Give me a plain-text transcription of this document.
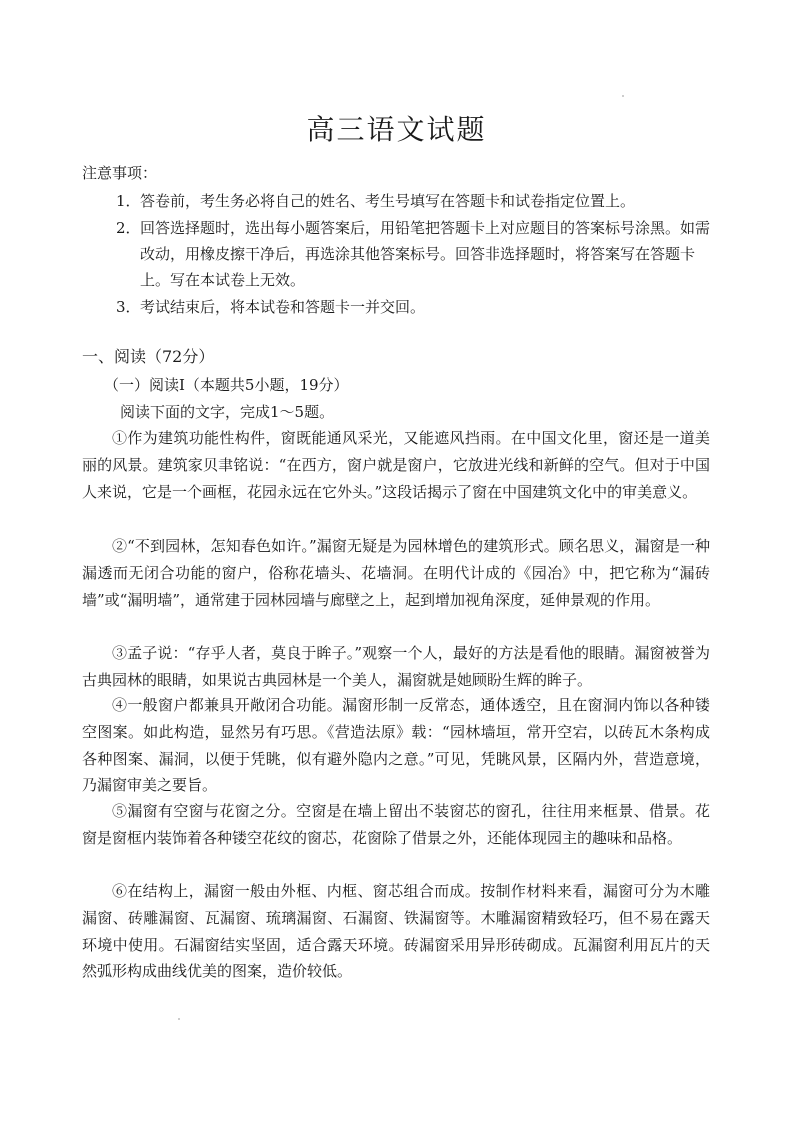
高三语文试题
注意事项：
1．答卷前，考生务必将自己的姓名、考生号填写在答题卡和试卷指定位置上。
2．回答选择题时，选出每小题答案后，用铅笔把答题卡上对应题目的答案标号涂黑。如需改动，用橡皮擦干净后，再选涂其他答案标号。回答非选择题时，将答案写在答题卡上。写在本试卷上无效。
3．考试结束后，将本试卷和答题卡一并交回。
一、阅读（72分）
（一）阅读Ⅰ（本题共5小题，19分）
阅读下面的文字，完成1～5题。
①作为建筑功能性构件，窗既能通风采光，又能遮风挡雨。在中国文化里，窗还是一道美丽的风景。建筑家贝聿铭说：“在西方，窗户就是窗户，它放进光线和新鲜的空气。但对于中国人来说，它是一个画框，花园永远在它外头。”这段话揭示了窗在中国建筑文化中的审美意义。
②“不到园林，怎知春色如许。”漏窗无疑是为园林增色的建筑形式。顾名思义，漏窗是一种漏透而无闭合功能的窗户，俗称花墙头、花墙洞。在明代计成的《园冶》中，把它称为“漏砖墙”或“漏明墙”，通常建于园林园墙与廊壁之上，起到增加视角深度，延伸景观的作用。
③孟子说：“存乎人者，莫良于眸子。”观察一个人，最好的方法是看他的眼睛。漏窗被誉为古典园林的眼睛，如果说古典园林是一个美人，漏窗就是她顾盼生辉的眸子。
④一般窗户都兼具开敞闭合功能。漏窗形制一反常态，通体透空，且在窗洞内饰以各种镂空图案。如此构造，显然另有巧思。《营造法原》载：“园林墙垣，常开空宕，以砖瓦木条构成各种图案、漏洞，以便于凭眺，似有避外隐内之意。”可见，凭眺风景，区隔内外，营造意境，乃漏窗审美之要旨。
⑤漏窗有空窗与花窗之分。空窗是在墙上留出不装窗芯的窗孔，往往用来框景、借景。花窗是窗框内装饰着各种镂空花纹的窗芯，花窗除了借景之外，还能体现园主的趣味和品格。
⑥在结构上，漏窗一般由外框、内框、窗芯组合而成。按制作材料来看，漏窗可分为木雕漏窗、砖雕漏窗、瓦漏窗、琉璃漏窗、石漏窗、铁漏窗等。木雕漏窗精致轻巧，但不易在露天环境中使用。石漏窗结实坚固，适合露天环境。砖漏窗采用异形砖砌成。瓦漏窗利用瓦片的天然弧形构成曲线优美的图案，造价较低。
